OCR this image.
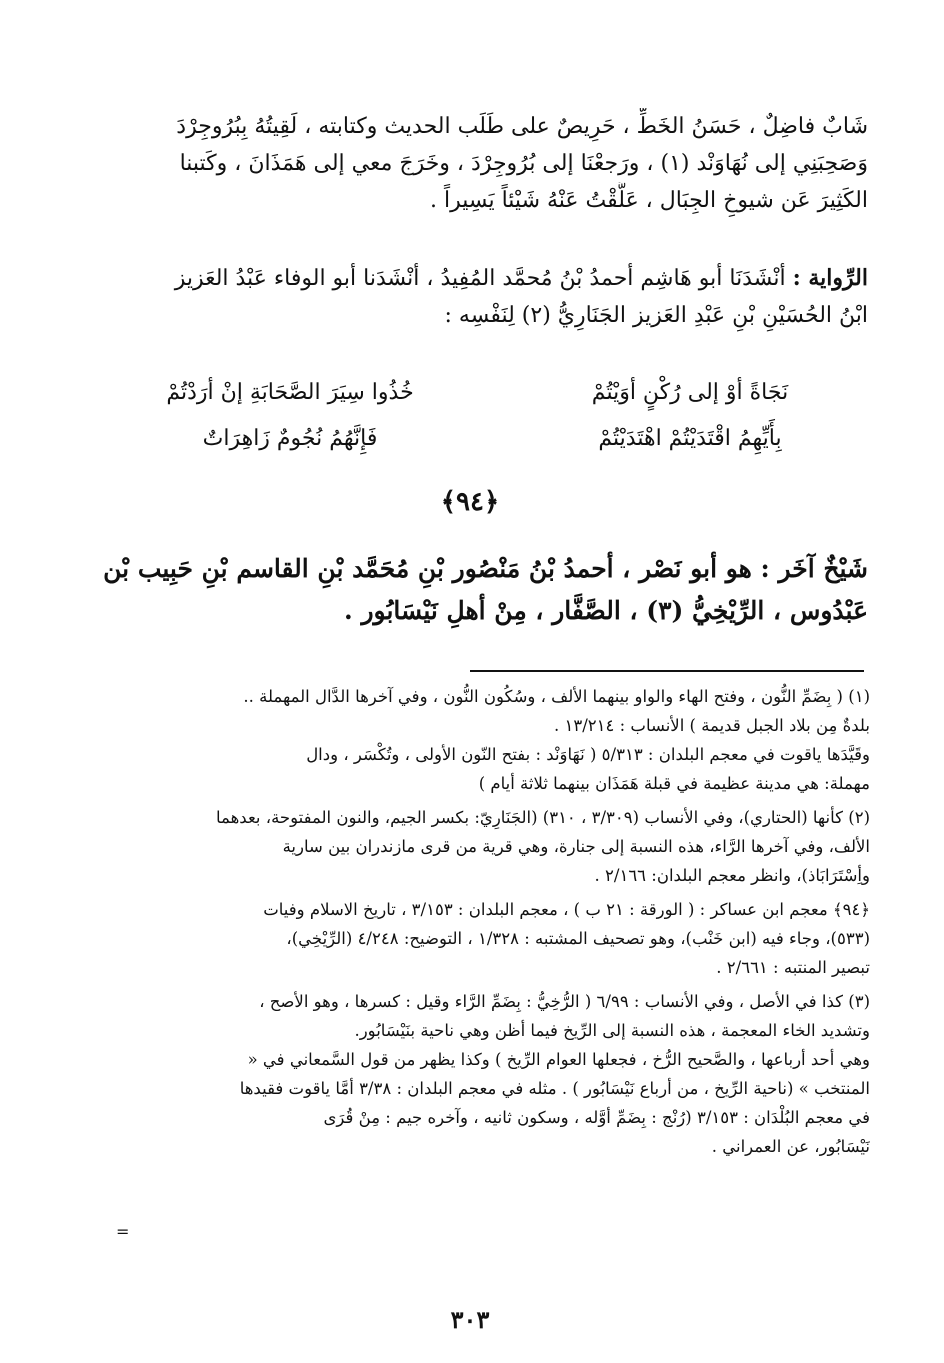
شَابٌ فاضِلٌ ، حَسَنُ الخَطِّ ، حَرِيصٌ على طَلَب الحديث وكتابته ، لَقِيتُهُ بِبُرُوجِرْدَ
وَصَحِبَنِي إلى نُهَاوَنْد (١) ، ورَجعْنَا إلى بُرُوجِرْدَ ، وخَرَجَ معي إلى هَمَذَانَ ، وكَتبنا
الكَثِيرَ عَن شيوخِ الجِبَال ، عَلَّقْتُ عَنْهُ شَيْئاً يَسِيراً .
الرِّواية : أنْشَدَنَا أبو هَاشِم أحمدُ بْنُ مُحمَّد المُفِيدُ ، أنْشَدَنا أبو الوفاء عَبْدُ العَزيز
ابْنُ الحُسَيْنِ بْنِ عَبْدِ العَزيز الجَنَارِيُّ (٢) لِنَفْسِه :
خُذُوا سِيَرَ الصَّحَابَةِ إنْ أرَدْتُمْ	نَجَاةً أوْ إلى رُكْنٍ أوَيْتُمْ
فَإِنَّهُمُ نُجُومٌ زَاهِرَاتٌ	بِأَيِّهِمُ اقْتَدَيْتُمْ اهْتَدَيْتُمْ
﴿٩٤﴾
شَيْخٌ آخَر : هو أبو نَصْر ، أحمدُ بْنُ مَنْصُور بْنِ مُحَمَّد بْنِ القاسم بْنِ حَبِيب بْن
عَبْدُوس ، الرِّيْخِيُّ (٣) ، الصَّفَّار ، مِنْ أهلِ نَيْسَابُور .
(١) ( بِضَمِّ النُّون ، وفتح الهاء والواو بينهما الألف ، وسُكُون النُّون ، وفي آخرها الدَّال المهملة ..
بلدةٌ مِن بلاد الجبل قديمة ) الأنساب : ١٣/٢١٤ .
وقَيَّدَها ياقوت في معجم البلدان : ٥/٣١٣ ( نَهَاوَنْد : بفتح النّون الأولى ، وتُكْسَر ، ودال
مهملة: هي مدينة عظيمة في قبلة هَمَذَان بينهما ثلاثة أيام )
(٢) كأنها (الحتاري)، وفي الأنساب (٣/٣٠٩ ، ٣١٠) (الجَنَارِيّ: بكسر الجيم، والنون المفتوحة، بعدهما
الألف، وفي آخرها الرَّاء، هذه النسبة إلى جنارة، وهي قرية من قرى مازندران بين سارية
وأِسْتَرَابَاذ)، وانظر معجم البلدان: ٢/١٦٦ .
﴿٩٤﴾ معجم ابن عساكر : ( الورقة : ٢١ ب ) ، معجم البلدان : ٣/١٥٣ ، تاريخ الاسلام وفيات
(٥٣٣)، وجاء فيه (ابن خَنْب)، وهو تصحيف المشتبه : ١/٣٢٨ ، التوضيح: ٤/٢٤٨ (الرِّيْخِي)،
تبصير المنتبه : ٢/٦٦١ .
(٣) كذا في الأصل ، وفي الأنساب : ٦/٩٩ ( الرُّخِيُّ : بِضَمِّ الرَّاء وقيل : كسرها ، وهو الأصح ،
وتشديد الخاء المعجمة ، هذه النسبة إلى الرِّيخ فيما أظن وهي ناحية بنَيْسَابُور.
وهي أحد أرباعها ، والصَّحيح الرُّخ ، فجعلها العوام الرِّيخ ) وكذا يظهر من قول السَّمعاني في «
المنتخب » (ناحية الرِّيخ ، من أرباع نَيْسَابُور ) . مثله في معجم البلدان : ٣/٣٨ أمَّا ياقوت فقيدها
في معجم البُلْدَان : ٣/١٥٣ (رُنْج : بِضَمِّ أوَّله ، وسكون ثانيه ، وآخره جيم : مِنْ قُرَى
نَيْسَابُور، عن العمراني .
=
٣٠٣
